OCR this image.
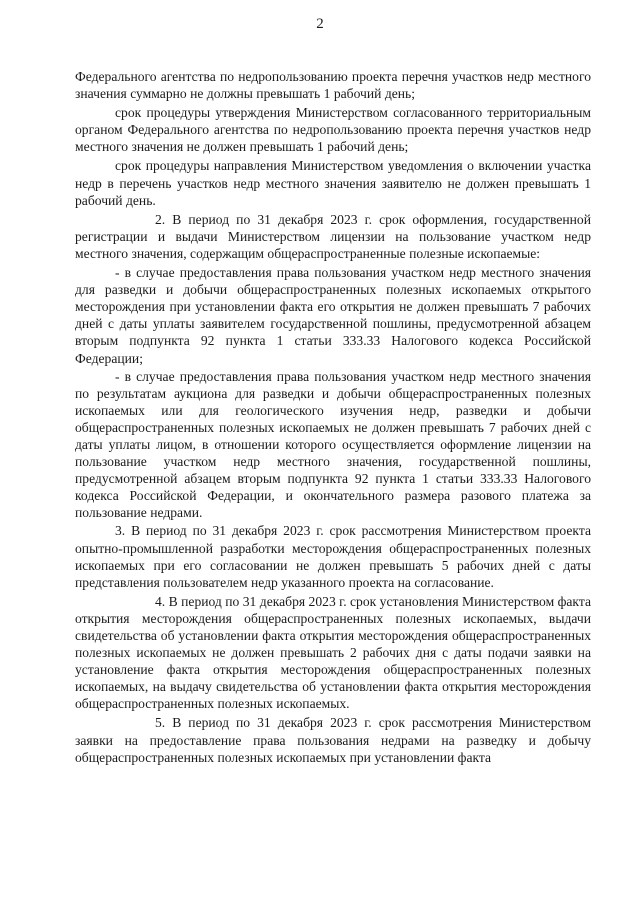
2

Федерального агентства по недропользованию проекта перечня участков недр местного значения суммарно не должны превышать 1 рабочий день;

срок процедуры утверждения Министерством согласованного территориальным органом Федерального агентства по недропользованию проекта перечня участков недр местного значения не должен превышать 1 рабочий день;

срок процедуры направления Министерством уведомления о включении участка недр в перечень участков недр местного значения заявителю не должен превышать 1 рабочий день.

2. В период по 31 декабря 2023 г. срок оформления, государственной регистрации и выдачи Министерством лицензии на пользование участком недр местного значения, содержащим общераспространенные полезные ископаемые:

- в случае предоставления права пользования участком недр местного значения для разведки и добычи общераспространенных полезных ископаемых открытого месторождения при установлении факта его открытия не должен превышать 7 рабочих дней с даты уплаты заявителем государственной пошлины, предусмотренной абзацем вторым подпункта 92 пункта 1 статьи 333.33 Налогового кодекса Российской Федерации;

- в случае предоставления права пользования участком недр местного значения по результатам аукциона для разведки и добычи общераспространенных полезных ископаемых или для геологического изучения недр, разведки и добычи общераспространенных полезных ископаемых не должен превышать 7 рабочих дней с даты уплаты лицом, в отношении которого осуществляется оформление лицензии на пользование участком недр местного значения, государственной пошлины, предусмотренной абзацем вторым подпункта 92 пункта 1 статьи 333.33 Налогового кодекса Российской Федерации, и окончательного размера разового платежа за пользование недрами.

3. В период по 31 декабря 2023 г. срок рассмотрения Министерством проекта опытно-промышленной разработки месторождения общераспространенных полезных ископаемых при его согласовании не должен превышать 5 рабочих дней с даты представления пользователем недр указанного проекта на согласование.

4. В период по 31 декабря 2023 г. срок установления Министерством факта открытия месторождения общераспространенных полезных ископаемых, выдачи свидетельства об установлении факта открытия месторождения общераспространенных полезных ископаемых не должен превышать 2 рабочих дня с даты подачи заявки на установление факта открытия месторождения общераспространенных полезных ископаемых, на выдачу свидетельства об установлении факта открытия месторождения общераспространенных полезных ископаемых.

5. В период по 31 декабря 2023 г. срок рассмотрения Министерством заявки на предоставление права пользования недрами на разведку и добычу общераспространенных полезных ископаемых при установлении факта
